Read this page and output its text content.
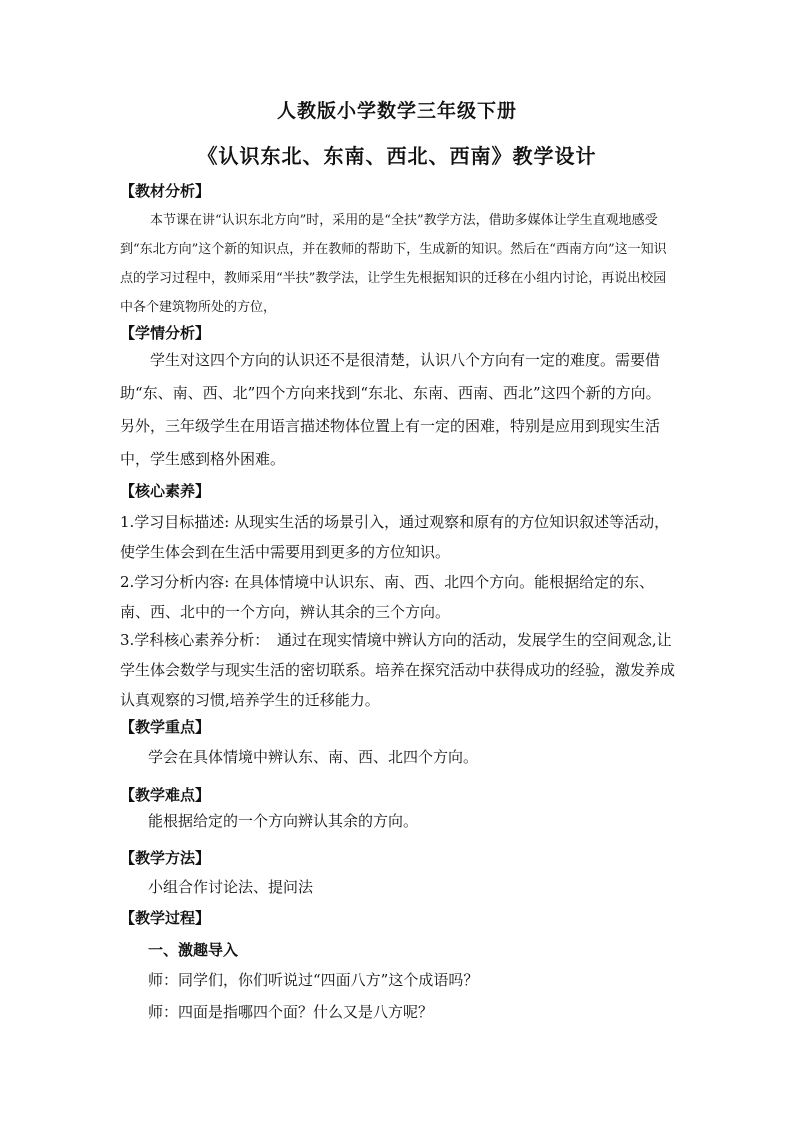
人教版小学数学三年级下册
《认识东北、东南、西北、西南》教学设计
【教材分析】
本节课在讲“认识东北方向”时，采用的是“全扶”教学方法，借助多媒体让学生直观地感受到“东北方向”这个新的知识点，并在教师的帮助下，生成新的知识。然后在“西南方向”这一知识点的学习过程中，教师采用“半扶”教学法，让学生先根据知识的迁移在小组内讨论，再说出校园中各个建筑物所处的方位，
【学情分析】
学生对这四个方向的认识还不是很清楚，认识八个方向有一定的难度。需要借助“东、南、西、北”四个方向来找到“东北、东南、西南、西北”这四个新的方向。另外，三年级学生在用语言描述物体位置上有一定的困难，特别是应用到现实生活中，学生感到格外困难。
【核心素养】
1.学习目标描述: 从现实生活的场景引入，通过观察和原有的方位知识叙述等活动，使学生体会到在生活中需要用到更多的方位知识。
2.学习分析内容: 在具体情境中认识东、南、西、北四个方向。能根据给定的东、南、西、北中的一个方向，辨认其余的三个方向。
3.学科核心素养分析：　通过在现实情境中辨认方向的活动，发展学生的空间观念,让学生体会数学与现实生活的密切联系。培养在探究活动中获得成功的经验，激发养成认真观察的习惯,培养学生的迁移能力。
【教学重点】
学会在具体情境中辨认东、南、西、北四个方向。
【教学难点】
能根据给定的一个方向辨认其余的方向。
【教学方法】
小组合作讨论法、提问法
【教学过程】
一、激趣导入
师：同学们，你们听说过“四面八方”这个成语吗？
师：四面是指哪四个面？什么又是八方呢？
